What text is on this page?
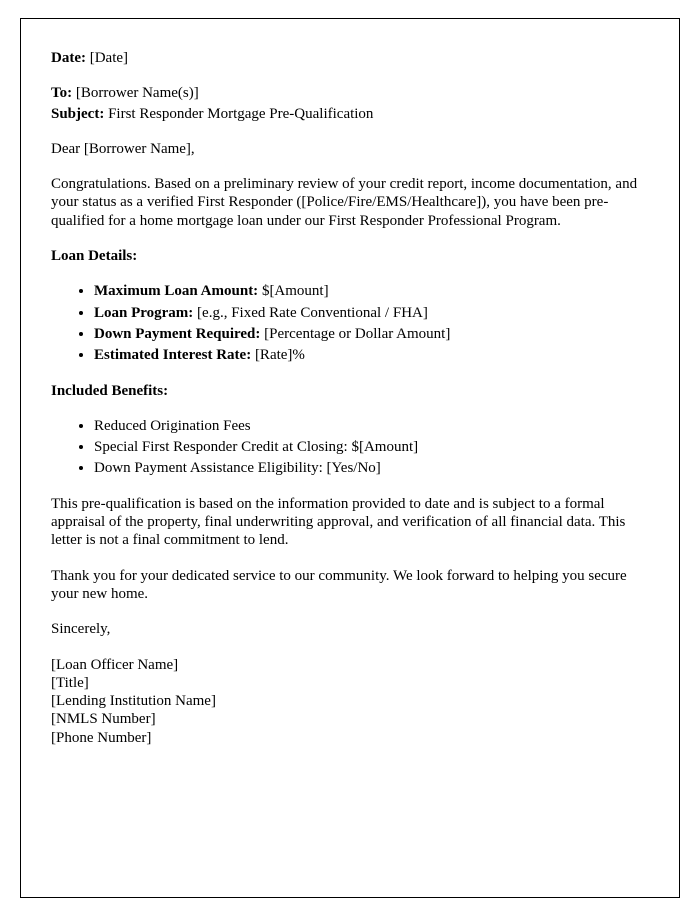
Date: [Date]

To: [Borrower Name(s)]

Subject: First Responder Mortgage Pre-Qualification

Dear [Borrower Name],

Congratulations. Based on a preliminary review of your credit report, income documentation, and your status as a verified First Responder ([Police/Fire/EMS/Healthcare]), you have been pre-qualified for a home mortgage loan under our First Responder Professional Program.

Loan Details:

• Maximum Loan Amount: $[Amount]
• Loan Program: [e.g., Fixed Rate Conventional / FHA]
• Down Payment Required: [Percentage or Dollar Amount]
• Estimated Interest Rate: [Rate]%

Included Benefits:

• Reduced Origination Fees
• Special First Responder Credit at Closing: $[Amount]
• Down Payment Assistance Eligibility: [Yes/No]

This pre-qualification is based on the information provided to date and is subject to a formal appraisal of the property, final underwriting approval, and verification of all financial data. This letter is not a final commitment to lend.

Thank you for your dedicated service to our community. We look forward to helping you secure your new home.

Sincerely,

[Loan Officer Name]

[Title]

[Lending Institution Name]

[NMLS Number]

[Phone Number]
